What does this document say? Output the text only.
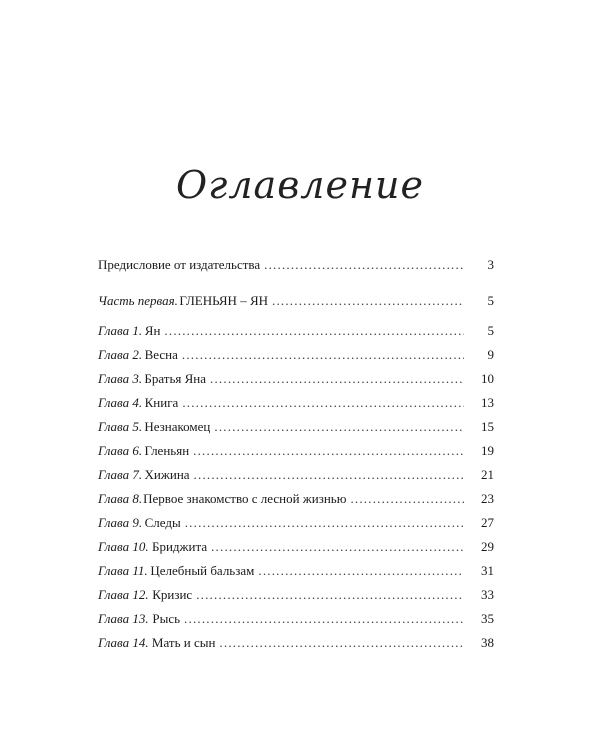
Оглавление
Предисловие от издательства .....	3
Часть первая. ГЛЕНЬЯН – ЯН .....	5
Глава 1. Ян .....	5
Глава 2. Весна .....	9
Глава 3. Братья Яна .....	10
Глава 4. Книга .....	13
Глава 5. Незнакомец .....	15
Глава 6. Гленьян .....	19
Глава 7. Хижина .....	21
Глава 8. Первое знакомство с лесной жизнью .....	23
Глава 9. Следы .....	27
Глава 10. Бриджита .....	29
Глава 11. Целебный бальзам .....	31
Глава 12. Кризис .....	33
Глава 13. Рысь .....	35
Глава 14. Мать и сын .....	38
